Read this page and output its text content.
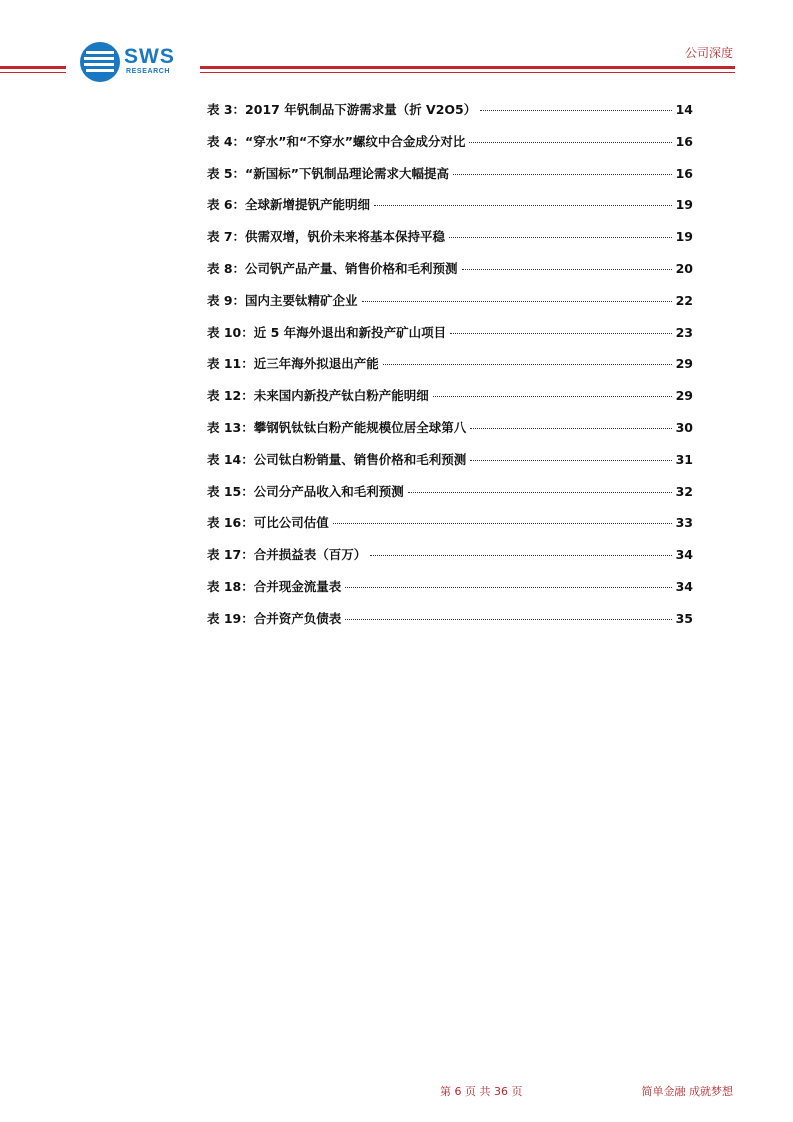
SWS
RESEARCH
公司深度
表 3：2017 年钒制品下游需求量（折 V2O5）	14
表 4：“穿水”和“不穿水”螺纹中合金成分对比	16
表 5：“新国标”下钒制品理论需求大幅提高	16
表 6：全球新增提钒产能明细	19
表 7：供需双增，钒价未来将基本保持平稳	19
表 8：公司钒产品产量、销售价格和毛利预测	20
表 9：国内主要钛精矿企业	22
表 10：近 5 年海外退出和新投产矿山项目	23
表 11：近三年海外拟退出产能	29
表 12：未来国内新投产钛白粉产能明细	29
表 13：攀钢钒钛钛白粉产能规模位居全球第八	30
表 14：公司钛白粉销量、销售价格和毛利预测	31
表 15：公司分产品收入和毛利预测	32
表 16：可比公司估值	33
表 17：合并损益表（百万）	34
表 18：合并现金流量表	34
表 19：合并资产负债表	35
第 6 页 共 36 页	简单金融 成就梦想
